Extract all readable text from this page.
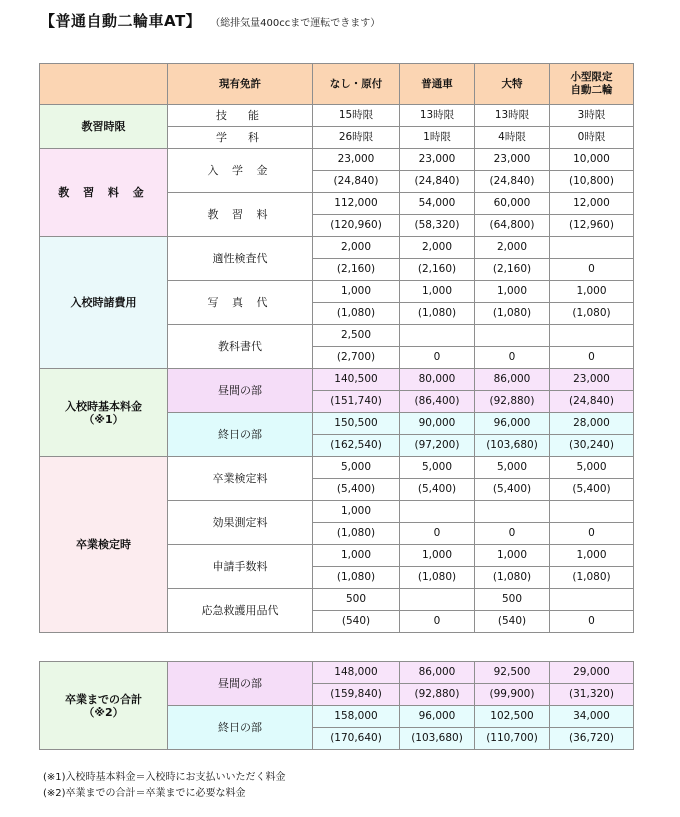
【普通自動二輪車AT】 （総排気量400ccまで運転できます）
	現有免許	なし・原付	普通車	大特	小型限定
自動二輪
教習時限	技　能	15時限	13時限	13時限	3時限
	学　科	26時限	1時限	4時限	0時限
教 習 料 金	入 学 金	23,000	23,000	23,000	10,000
		(24,840)	(24,840)	(24,840)	(10,800)
	教 習 料	112,000	54,000	60,000	12,000
		(120,960)	(58,320)	(64,800)	(12,960)
入校時諸費用	適性検査代	2,000	2,000	2,000	
		(2,160)	(2,160)	(2,160)	0
	写 真 代	1,000	1,000	1,000	1,000
		(1,080)	(1,080)	(1,080)	(1,080)
	教科書代	2,500			
		(2,700)	0	0	0
入校時基本料金
（※1）	昼間の部	140,500	80,000	86,000	23,000
		(151,740)	(86,400)	(92,880)	(24,840)
	終日の部	150,500	90,000	96,000	28,000
		(162,540)	(97,200)	(103,680)	(30,240)
卒業検定時	卒業検定料	5,000	5,000	5,000	5,000
		(5,400)	(5,400)	(5,400)	(5,400)
	効果測定料	1,000			
		(1,080)	0	0	0
	申請手数料	1,000	1,000	1,000	1,000
		(1,080)	(1,080)	(1,080)	(1,080)
	応急救護用品代	500		500	
		(540)	0	(540)	0
卒業までの合計
（※2）	昼間の部	148,000	86,000	92,500	29,000
		(159,840)	(92,880)	(99,900)	(31,320)
	終日の部	158,000	96,000	102,500	34,000
		(170,640)	(103,680)	(110,700)	(36,720)
(※1)入校時基本料金＝入校時にお支払いいただく料金
(※2)卒業までの合計＝卒業までに必要な料金
